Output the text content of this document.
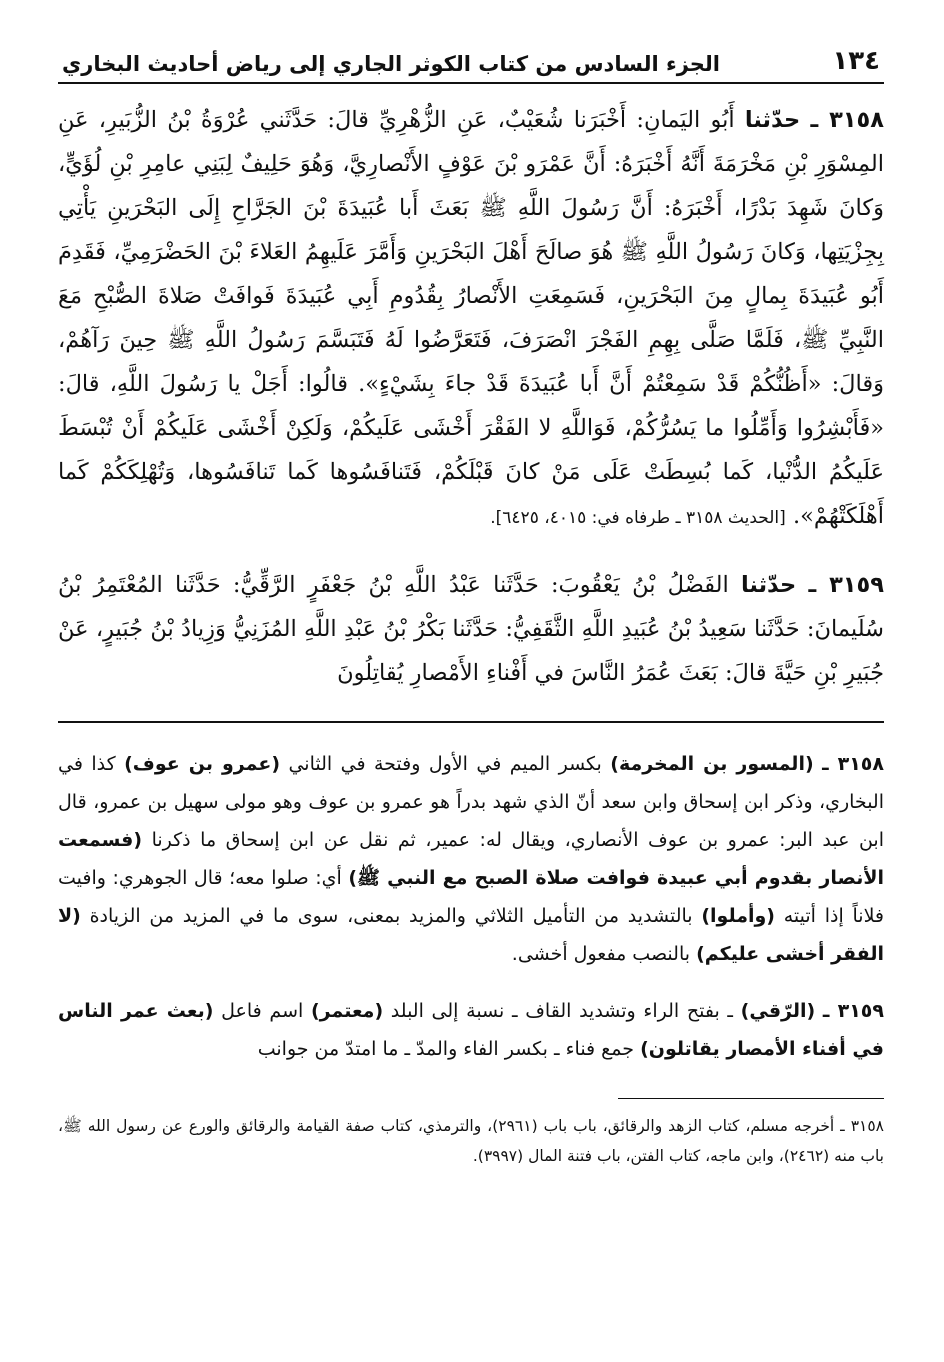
١٣٤
الجزء السادس من كتاب الكوثر الجاري إلى رياض أحاديث البخاري

٣١٥٨ ـ حدّثنا أَبُو اليَمانِ: أَخْبَرَنا شُعَيْبٌ، عَنِ الزُّهْرِيِّ قالَ: حَدَّثَني عُرْوَةُ بْنُ الزُّبَيرِ، عَنِ المِسْوَرِ بْنِ مَخْرَمَةَ أَنَّهُ أَخْبَرَهُ: أَنَّ عَمْرَو بْنَ عَوْفٍ الأَنْصارِيَّ، وَهُوَ حَلِيفٌ لِبَنِي عامِرِ بْنِ لُؤَيٍّ، وَكانَ شَهِدَ بَدْرًا، أَخْبَرَهُ: أَنَّ رَسُولَ اللَّهِ ﷺ بَعَثَ أَبا عُبَيدَةَ بْنَ الجَرَّاحِ إِلَى البَحْرَينِ يَأْتِي بِجِزْيَتِها، وَكانَ رَسُولُ اللَّهِ ﷺ هُوَ صالَحَ أَهْلَ البَحْرَينِ وَأَمَّرَ عَلَيهِمُ العَلاءَ بْنَ الحَضْرَمِيِّ، فَقَدِمَ أَبُو عُبَيدَةَ بِمالٍ مِنَ البَحْرَينِ، فَسَمِعَتِ الأَنْصارُ بِقُدُومِ أَبِي عُبَيدَةَ فَوافَتْ صَلاةَ الصُّبْحِ مَعَ النَّبِيِّ ﷺ، فَلَمَّا صَلَّى بِهِمِ الفَجْرَ انْصَرَفَ، فَتَعَرَّضُوا لَهُ فَتَبَسَّمَ رَسُولُ اللَّهِ ﷺ حِينَ رَآهُمْ، وَقالَ: «أَظُنُّكُمْ قَدْ سَمِعْتُمْ أَنَّ أَبا عُبَيدَةَ قَدْ جاءَ بِشَيْءٍ». قالُوا: أَجَلْ يا رَسُولَ اللَّهِ، قالَ: «فَأَبْشِرُوا وَأَمِّلُوا ما يَسُرُّكُمْ، فَوَاللَّهِ لا الفَقْرَ أَخْشَى عَلَيكُمْ، وَلَكِنْ أَخْشَى عَلَيكُمْ أَنْ تُبْسَطَ عَلَيكُمُ الدُّنْيا، كَما بُسِطَتْ عَلَى مَنْ كانَ قَبْلَكُمْ، فَتَنافَسُوها كَما تَنافَسُوها، وَتُهْلِكَكُمْ كَما أَهْلَكَتْهُمْ». [الحديث ٣١٥٨ ـ طرفاه في: ٤٠١٥، ٦٤٢٥].

٣١٥٩ ـ حدّثنا الفَضْلُ بْنُ يَعْقُوبَ: حَدَّثَنا عَبْدُ اللَّهِ بْنُ جَعْفَرٍ الرَّقِّيُّ: حَدَّثَنا المُعْتَمِرُ بْنُ سُلَيمانَ: حَدَّثَنا سَعِيدُ بْنُ عُبَيدِ اللَّهِ الثَّقَفِيُّ: حَدَّثَنا بَكْرُ بْنُ عَبْدِ اللَّهِ المُزَنِيُّ وَزِيادُ بْنُ جُبَيرٍ، عَنْ جُبَيرِ بْنِ حَيَّةَ قالَ: بَعَثَ عُمَرُ النَّاسَ في أَفْناءِ الأَمْصارِ يُقاتِلُونَ

٣١٥٨ ـ (المسور بن المخرمة) بكسر الميم في الأول وفتحة في الثاني (عمرو بن عوف) كذا في البخاري، وذكر ابن إسحاق وابن سعد أنّ الذي شهد بدراً هو عمرو بن عوف وهو مولى سهيل بن عمرو، قال ابن عبد البر: عمرو بن عوف الأنصاري، ويقال له: عمير، ثم نقل عن ابن إسحاق ما ذكرنا (فسمعت الأنصار بقدوم أبي عبيدة فوافت صلاة الصبح مع النبي ﷺ) أي: صلوا معه؛ قال الجوهري: وافيت فلاناً إذا أتيته (وأملوا) بالتشديد من التأميل الثلاثي والمزيد بمعنى، سوى ما في المزيد من الزيادة (لا الفقر أخشى عليكم) بالنصب مفعول أخشى.

٣١٥٩ ـ (الرّقي) ـ بفتح الراء وتشديد القاف ـ نسبة إلى البلد (معتمر) اسم فاعل (بعث عمر الناس في أفناء الأمصار يقاتلون) جمع فناء ـ بكسر الفاء والمدّ ـ ما امتدّ من جوانب

٣١٥٨ ـ أخرجه مسلم، كتاب الزهد والرقائق، باب باب (٢٩٦١)، والترمذي، كتاب صفة القيامة والرقائق والورع عن رسول الله ﷺ، باب منه (٢٤٦٢)، وابن ماجه، كتاب الفتن، باب فتنة المال (٣٩٩٧).
